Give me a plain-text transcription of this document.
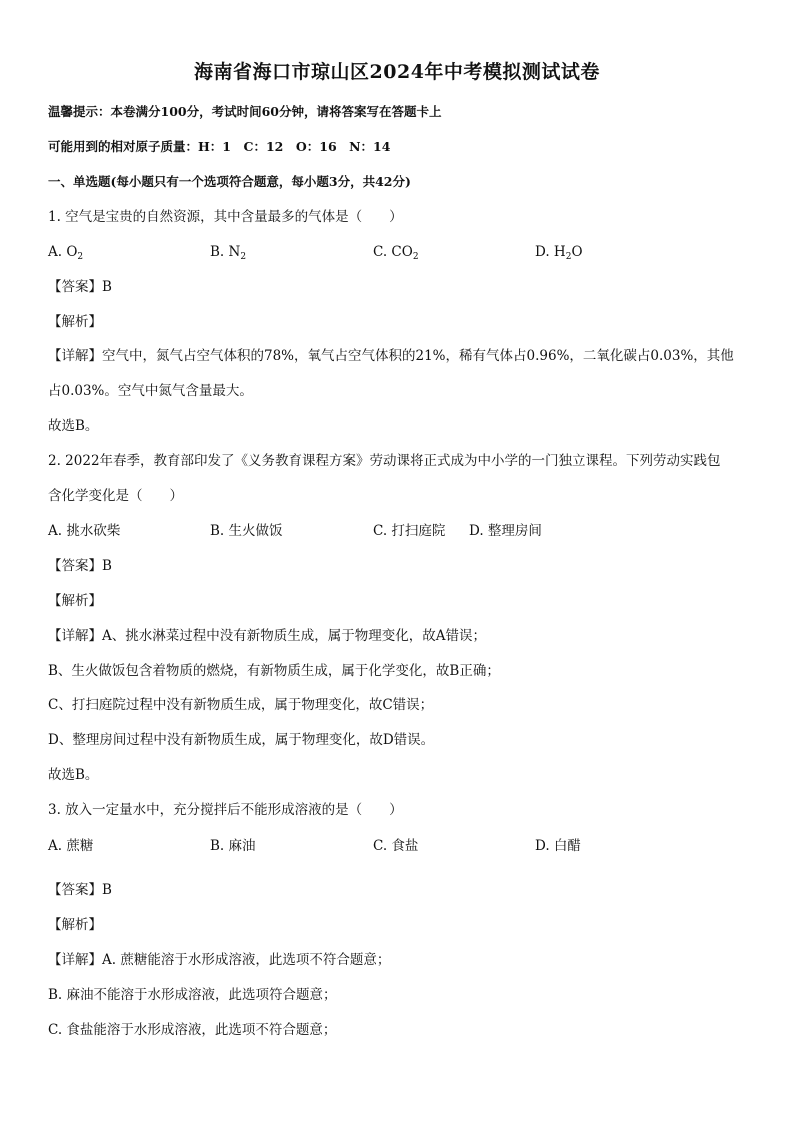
海南省海口市琼山区2024年中考模拟测试试卷
温馨提示：本卷满分100分，考试时间60分钟，请将答案写在答题卡上
可能用到的相对原子质量：H：1　C：12　O：16　N：14
一、单选题(每小题只有一个选项符合题意，每小题3分，共42分)
1. 空气是宝贵的自然资源，其中含量最多的气体是（　　）
A. $O_2$	B. $N_2$	C. $CO_2$	D. $H_2O$
【答案】B
【解析】
【详解】空气中，氮气占空气体积的78%，氧气占空气体积的21%，稀有气体占0.96%，二氧化碳占0.03%，其他
占0.03%。空气中氮气含量最大。
故选B。
2. 2022年春季，教育部印发了《义务教育课程方案》劳动课将正式成为中小学的一门独立课程。下列劳动实践包
含化学变化是（　　）
A. 挑水砍柴	B. 生火做饭	C. 打扫庭院 D. 整理房间
【答案】B
【解析】
【详解】A、挑水淋菜过程中没有新物质生成，属于物理变化，故A错误；
B、生火做饭包含着物质的燃烧，有新物质生成，属于化学变化，故B正确；
C、打扫庭院过程中没有新物质生成，属于物理变化，故C错误；
D、整理房间过程中没有新物质生成，属于物理变化，故D错误。
故选B。
3. 放入一定量水中，充分搅拌后不能形成溶液的是（　　）
A. 蔗糖	B. 麻油	C. 食盐	D. 白醋
【答案】B
【解析】
【详解】A. 蔗糖能溶于水形成溶液，此选项不符合题意；
B. 麻油不能溶于水形成溶液，此选项符合题意；
C. 食盐能溶于水形成溶液，此选项不符合题意；
